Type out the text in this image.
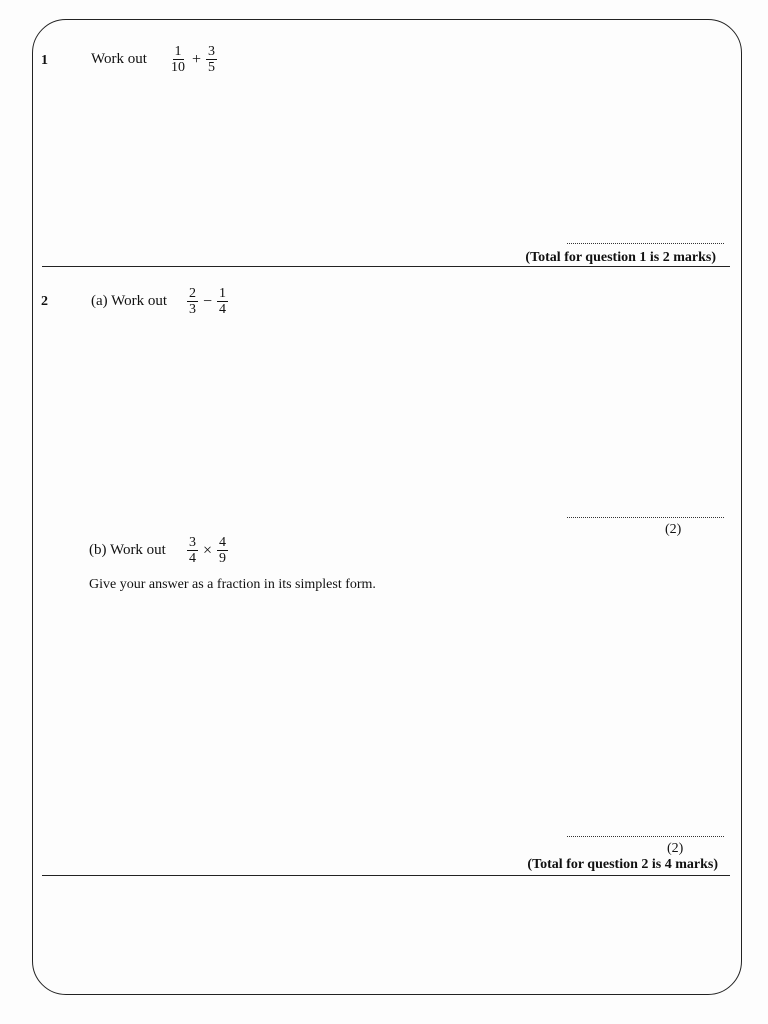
1	Work out $\frac{1}{10} + \frac{3}{5}$
(Total for question 1 is 2 marks)
2	(a) Work out $\frac{2}{3} - \frac{1}{4}$
(2)
(b) Work out $\frac{3}{4} \times \frac{4}{9}$
Give your answer as a fraction in its simplest form.
(2)
(Total for question 2 is 4 marks)
